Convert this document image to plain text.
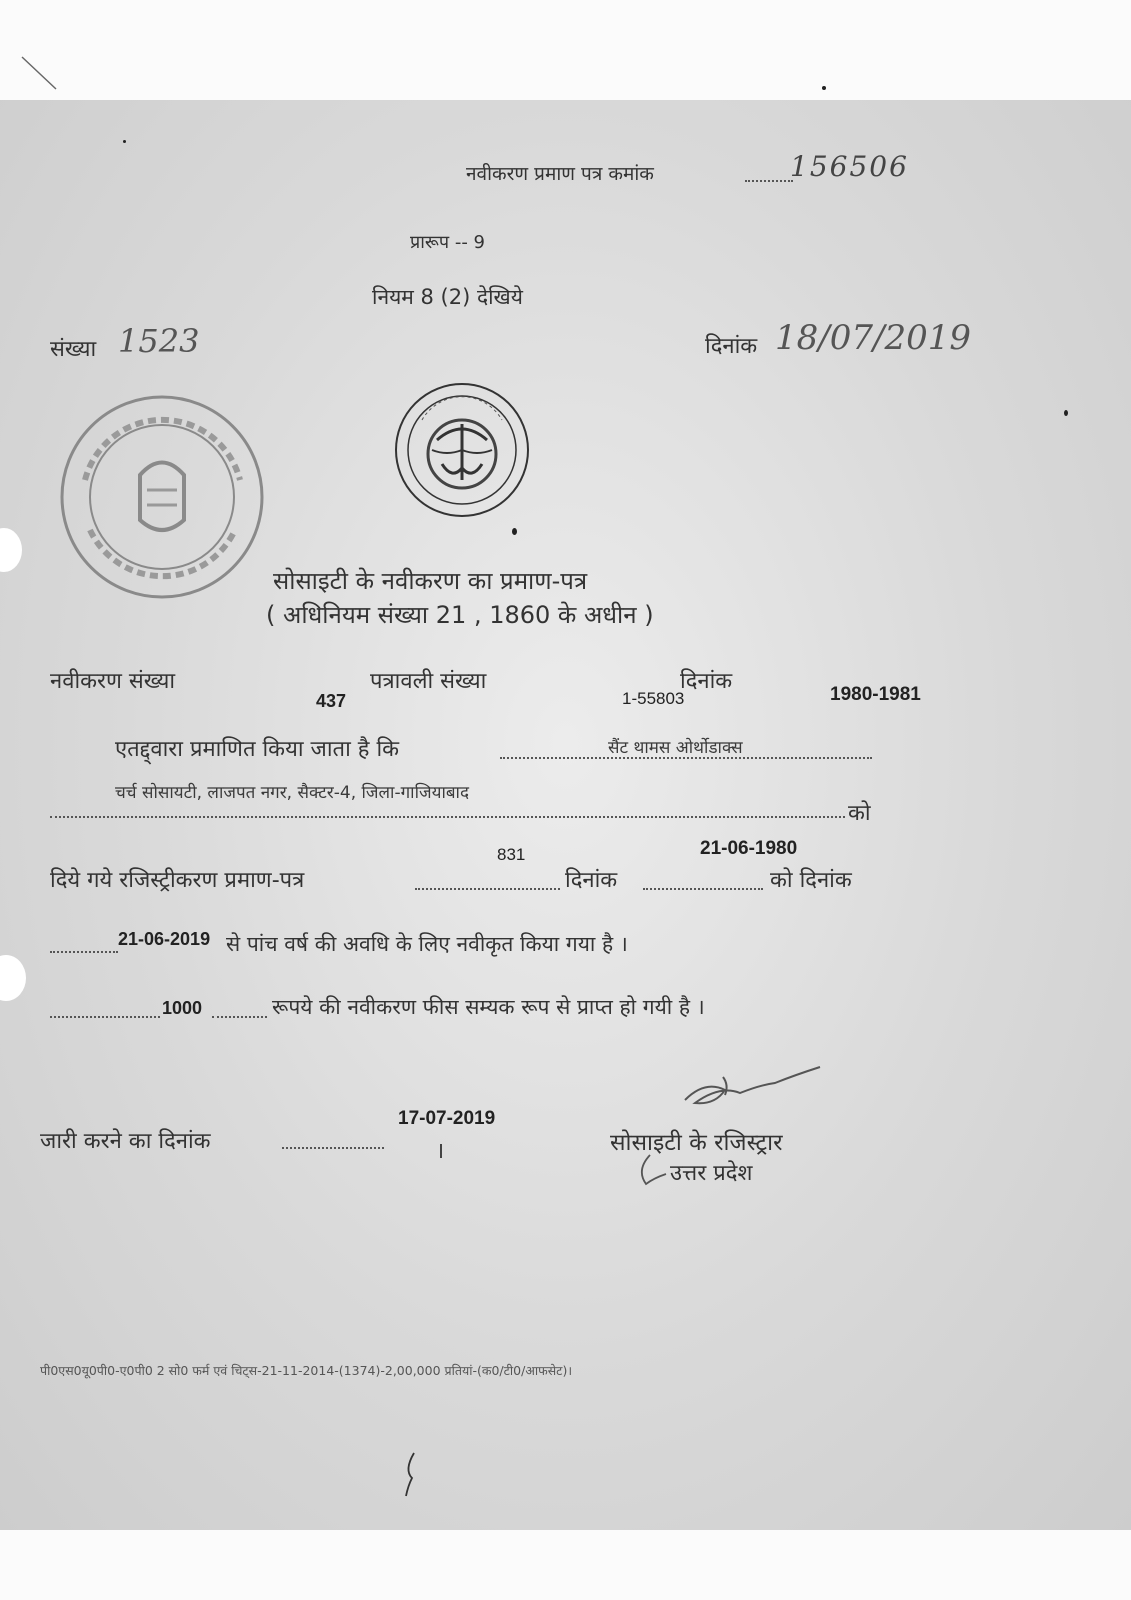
नवीकरण प्रमाण पत्र कमांक	156506
प्रारूप -- 9
नियम 8 (2) देखिये
संख्या 1523	दिनांक 18/07/2019
सोसाइटी के नवीकरण का प्रमाण-पत्र
( अधिनियम संख्या 21 , 1860 के अधीन )
नवीकरण संख्या	पत्रावली संख्या	दिनांक
437	1-55803	1980-1981
एतद्द्वारा प्रमाणित किया जाता है कि	सैंट थामस ओर्थोडाक्स
चर्च सोसायटी, लाजपत नगर, सैक्टर-4, जिला-गाजियाबाद
को
831	21-06-1980
दिये गये रजिस्ट्रीकरण प्रमाण-पत्र	दिनांक	को दिनांक
21-06-2019 से पांच वर्ष की अवधि के लिए नवीकृत किया गया है ।
1000	रूपये की नवीकरण फीस सम्यक रूप से प्राप्त हो गयी है ।
17-07-2019
जारी करने का दिनांक	सोसाइटी के रजिस्ट्रार
उत्तर प्रदेश
पी0एस0यू0पी0-ए0पी0 2 सो0 फर्म एवं चिट्स-21-11-2014-(1374)-2,00,000 प्रतियां-(क0/टी0/आफसेट)।
